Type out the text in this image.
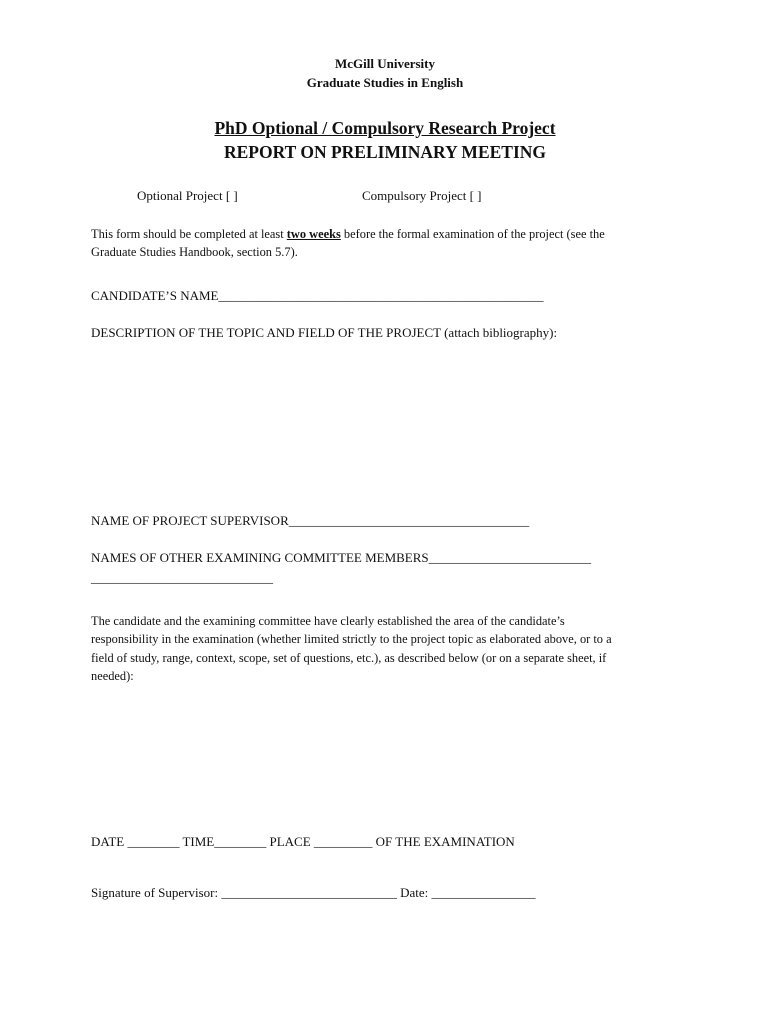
McGill University
Graduate Studies in English
PhD Optional / Compulsory Research Project
REPORT ON PRELIMINARY MEETING
Optional Project [ ]	Compulsory Project [ ]
This form should be completed at least two weeks before the formal examination of the project (see the
Graduate Studies Handbook, section 5.7).
CANDIDATE’S NAME__________________________________________________
DESCRIPTION OF THE TOPIC AND FIELD OF THE PROJECT (attach bibliography):
NAME OF PROJECT SUPERVISOR_____________________________________
NAMES OF OTHER EXAMINING COMMITTEE MEMBERS_________________________
____________________________
The candidate and the examining committee have clearly established the area of the candidate’s
responsibility in the examination (whether limited strictly to the project topic as elaborated above, or to a
field of study, range, context, scope, set of questions, etc.), as described below (or on a separate sheet, if
needed):
DATE ________ TIME________ PLACE _________ OF THE EXAMINATION
Signature of Supervisor: ___________________________ Date: ________________
